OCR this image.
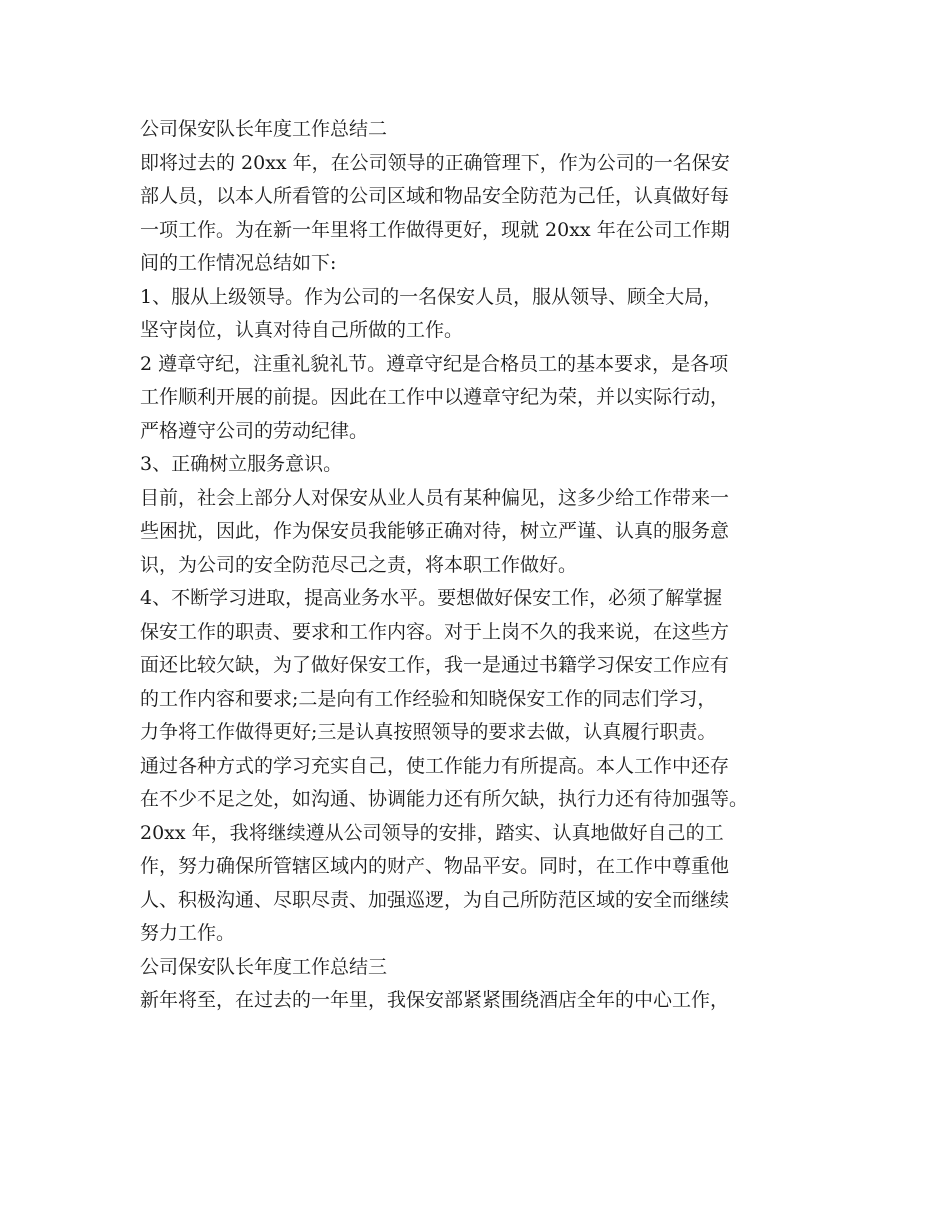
公司保安队长年度工作总结二
即将过去的 20xx 年，在公司领导的正确管理下，作为公司的一名保安
部人员，以本人所看管的公司区域和物品安全防范为己任，认真做好每
一项工作。为在新一年里将工作做得更好，现就 20xx 年在公司工作期
间的工作情况总结如下:
1、服从上级领导。作为公司的一名保安人员，服从领导、顾全大局，
坚守岗位，认真对待自己所做的工作。
2 遵章守纪，注重礼貌礼节。遵章守纪是合格员工的基本要求，是各项
工作顺利开展的前提。因此在工作中以遵章守纪为荣，并以实际行动，
严格遵守公司的劳动纪律。
3、正确树立服务意识。
目前，社会上部分人对保安从业人员有某种偏见，这多少给工作带来一
些困扰，因此，作为保安员我能够正确对待，树立严谨、认真的服务意
识，为公司的安全防范尽己之责，将本职工作做好。
4、不断学习进取，提高业务水平。要想做好保安工作，必须了解掌握
保安工作的职责、要求和工作内容。对于上岗不久的我来说，在这些方
面还比较欠缺，为了做好保安工作，我一是通过书籍学习保安工作应有
的工作内容和要求;二是向有工作经验和知晓保安工作的同志们学习，
力争将工作做得更好;三是认真按照领导的要求去做，认真履行职责。
通过各种方式的学习充实自己，使工作能力有所提高。本人工作中还存
在不少不足之处，如沟通、协调能力还有所欠缺，执行力还有待加强等。
20xx 年，我将继续遵从公司领导的安排，踏实、认真地做好自己的工
作，努力确保所管辖区域内的财产、物品平安。同时，在工作中尊重他
人、积极沟通、尽职尽责、加强巡逻，为自己所防范区域的安全而继续
努力工作。
公司保安队长年度工作总结三
新年将至，在过去的一年里，我保安部紧紧围绕酒店全年的中心工作，
